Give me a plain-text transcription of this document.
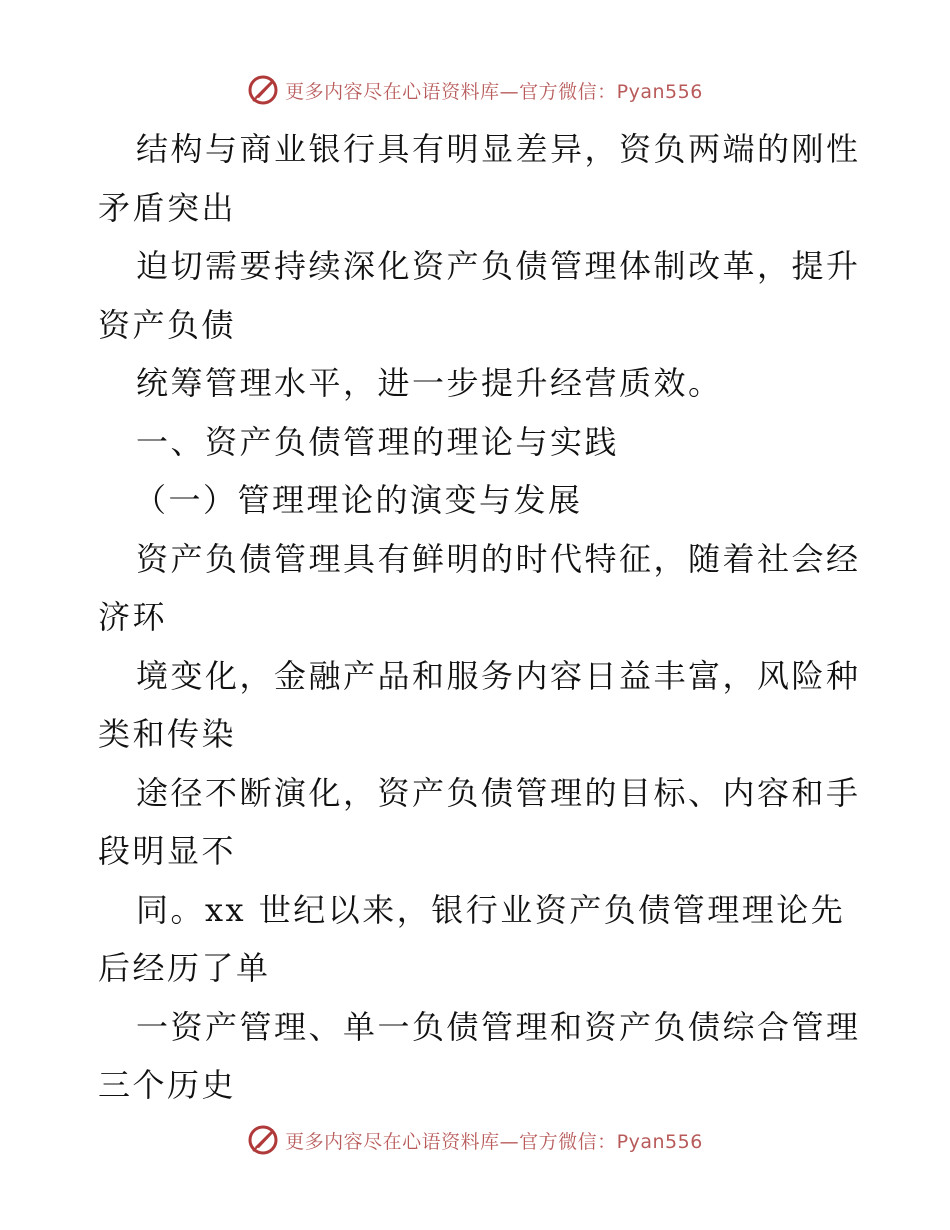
更多内容尽在心语资料库—官方微信：Pyan556
结构与商业银行具有明显差异，资负两端的刚性
矛盾突出
迫切需要持续深化资产负债管理体制改革，提升
资产负债
统筹管理水平，进一步提升经营质效。
一、资产负债管理的理论与实践
（一）管理理论的演变与发展
资产负债管理具有鲜明的时代特征，随着社会经
济环
境变化，金融产品和服务内容日益丰富，风险种
类和传染
途径不断演化，资产负债管理的目标、内容和手
段明显不
同。xx 世纪以来，银行业资产负债管理理论先
后经历了单
一资产管理、单一负债管理和资产负债综合管理
三个历史
更多内容尽在心语资料库—官方微信：Pyan556
